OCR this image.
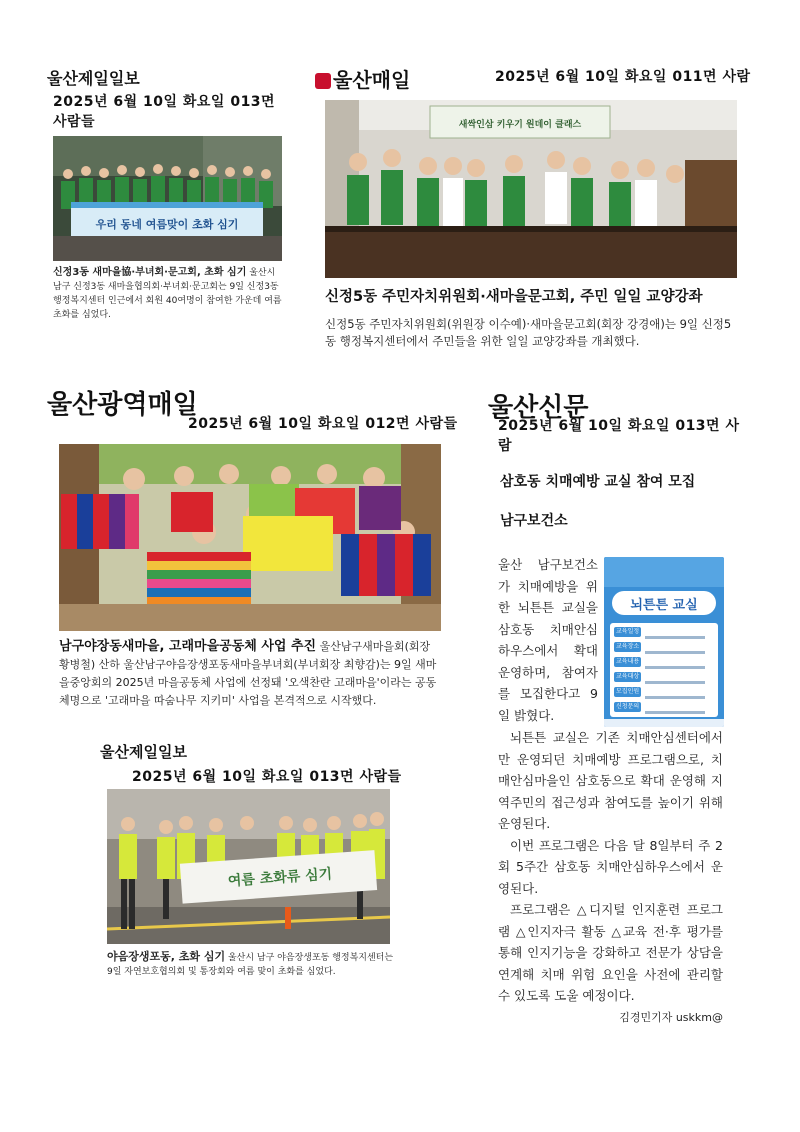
울산제일일보
2025년 6월 10일 화요일 013면 사람들
우리 동네 여름맞이 초화 심기
신정3동 새마을協·부녀회·문고회, 초화 심기 울산시 남구 신정3동 새마을협의회·부녀회·문고회는 9일 신정3동 행정복지센터 인근에서 회원 40여명이 참여한 가운데 여름 초화를 심었다.
울산매일	2025년 6월 10일 화요일 011면 사람
새싹인삼 키우기 원데이 클래스
신정5동 주민자치위원회·새마을문고회, 주민 일일 교양강좌
신정5동 주민자치위원회(위원장 이수예)·새마을문고회(회장 강경애)는 9일 신정5동 행정복지센터에서 주민들을 위한 일일 교양강좌를 개최했다.
울산광역매일
2025년 6월 10일 화요일 012면 사람들
남구야장동새마을, 고래마을공동체 사업 추진 울산남구새마을회(회장 황병철) 산하 울산남구야음장생포동새마을부녀회(부녀회장 최향감)는 9일 새마을중앙회의 2025년 마을공동체 사업에 선정돼 '오색찬란 고래마을'이라는 공동체명으로 '고래마을 따숨나무 지키미' 사업을 본격적으로 시작했다.
울산제일일보
2025년 6월 10일 화요일 013면 사람들
여름 초화류 심기
야음장생포동, 초화 심기 울산시 남구 야음장생포동 행정복지센터는 9일 자연보호협의회 및 통장회와 여름 맞이 초화를 심었다.
울산신문
2025년 6월 10일 화요일 013면 사람
삼호동 치매예방 교실 참여 모집
남구보건소
울산 남구보건소가 치매예방을 위한 뇌튼튼 교실을 삼호동 치매안심하우스에서 확대 운영하며, 참여자를 모집한다고 9일 밝혔다.
뇌튼튼 교실
교육일정
교육장소
교육내용
교육대상
모집인원
신청문의
뇌튼튼 교실은 기존 치매안심센터에서만 운영되던 치매예방 프로그램으로, 치매안심마을인 삼호동으로 확대 운영해 지역주민의 접근성과 참여도를 높이기 위해 운영된다.
이번 프로그램은 다음 달 8일부터 주 2회 5주간 삼호동 치매안심하우스에서 운영된다.
프로그램은 △디지털 인지훈련 프로그램 △인지자극 활동 △교육 전·후 평가를 통해 인지기능을 강화하고 전문가 상담을 연계해 치매 위험 요인을 사전에 관리할 수 있도록 도울 예정이다.
김경민기자 uskkm@
